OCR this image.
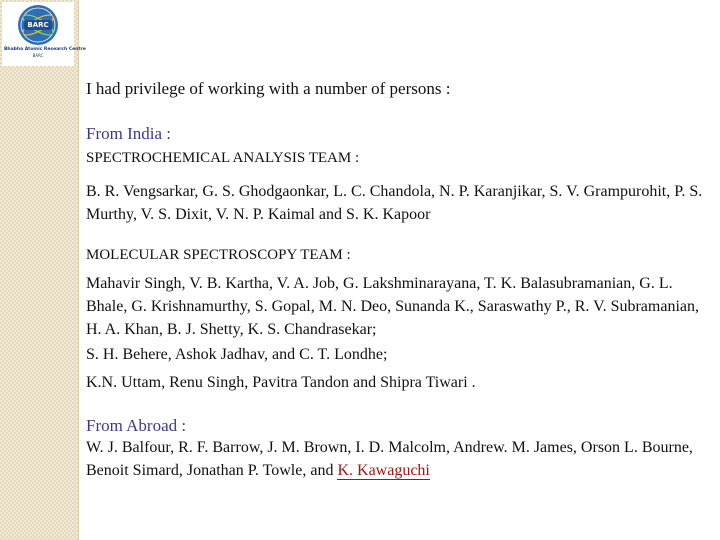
BARC
Bhabha Atomic Research Centre
BARC
I had privilege of working with a number of persons :
From India :
SPECTROCHEMICAL ANALYSIS TEAM :
B. R. Vengsarkar, G. S. Ghodgaonkar, L. C. Chandola, N. P. Karanjikar, S. V. Grampurohit, P. S. Murthy, V. S. Dixit, V. N. P. Kaimal and S. K. Kapoor
MOLECULAR SPECTROSCOPY TEAM :
Mahavir Singh, V. B. Kartha, V. A. Job, G. Lakshminarayana, T. K. Balasubramanian, G. L. Bhale, G. Krishnamurthy, S. Gopal, M. N. Deo, Sunanda K., Saraswathy P., R. V. Subramanian, H. A. Khan, B. J. Shetty, K. S. Chandrasekar;
S. H. Behere, Ashok Jadhav, and C. T. Londhe;
K.N. Uttam, Renu Singh, Pavitra Tandon and Shipra Tiwari .
From Abroad :
W. J. Balfour, R. F. Barrow, J. M. Brown, I. D. Malcolm, Andrew. M. James, Orson L. Bourne, Benoit Simard, Jonathan P. Towle, and K. Kawaguchi
